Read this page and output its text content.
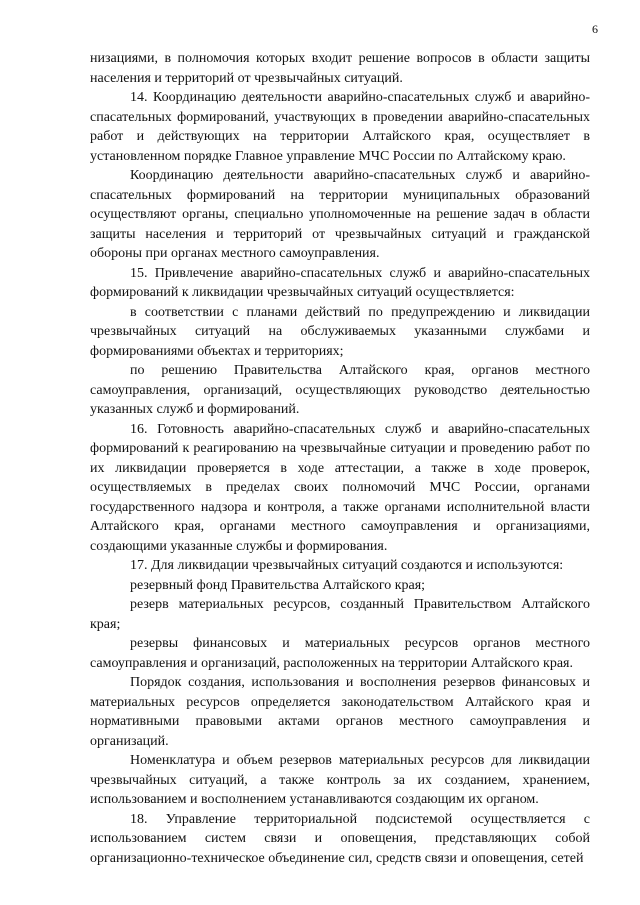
6

низациями, в полномочия которых входит решение вопросов в области защиты населения и территорий от чрезвычайных ситуаций.

14. Координацию деятельности аварийно-спасательных служб и аварийно-спасательных формирований, участвующих в проведении аварийно-спасательных работ и действующих на территории Алтайского края, осуществляет в установленном порядке Главное управление МЧС России по Алтайскому краю.

Координацию деятельности аварийно-спасательных служб и аварийно-спасательных формирований на территории муниципальных образований осуществляют органы, специально уполномоченные на решение задач в области защиты населения и территорий от чрезвычайных ситуаций и гражданской обороны при органах местного самоуправления.

15. Привлечение аварийно-спасательных служб и аварийно-спасательных формирований к ликвидации чрезвычайных ситуаций осуществляется:

в соответствии с планами действий по предупреждению и ликвидации чрезвычайных ситуаций на обслуживаемых указанными службами и формированиями объектах и территориях;

по решению Правительства Алтайского края, органов местного самоуправления, организаций, осуществляющих руководство деятельностью указанных служб и формирований.

16. Готовность аварийно-спасательных служб и аварийно-спасательных формирований к реагированию на чрезвычайные ситуации и проведению работ по их ликвидации проверяется в ходе аттестации, а также в ходе проверок, осуществляемых в пределах своих полномочий МЧС России, органами государственного надзора и контроля, а также органами исполнительной власти Алтайского края, органами местного самоуправления и организациями, создающими указанные службы и формирования.

17. Для ликвидации чрезвычайных ситуаций создаются и используются:

резервный фонд Правительства Алтайского края;

резерв материальных ресурсов, созданный Правительством Алтайского края;

резервы финансовых и материальных ресурсов органов местного самоуправления и организаций, расположенных на территории Алтайского края.

Порядок создания, использования и восполнения резервов финансовых и материальных ресурсов определяется законодательством Алтайского края и нормативными правовыми актами органов местного самоуправления и организаций.

Номенклатура и объем резервов материальных ресурсов для ликвидации чрезвычайных ситуаций, а также контроль за их созданием, хранением, использованием и восполнением устанавливаются создающим их органом.

18. Управление территориальной подсистемой осуществляется с использованием систем связи и оповещения, представляющих собой организационно-техническое объединение сил, средств связи и оповещения, сетей
